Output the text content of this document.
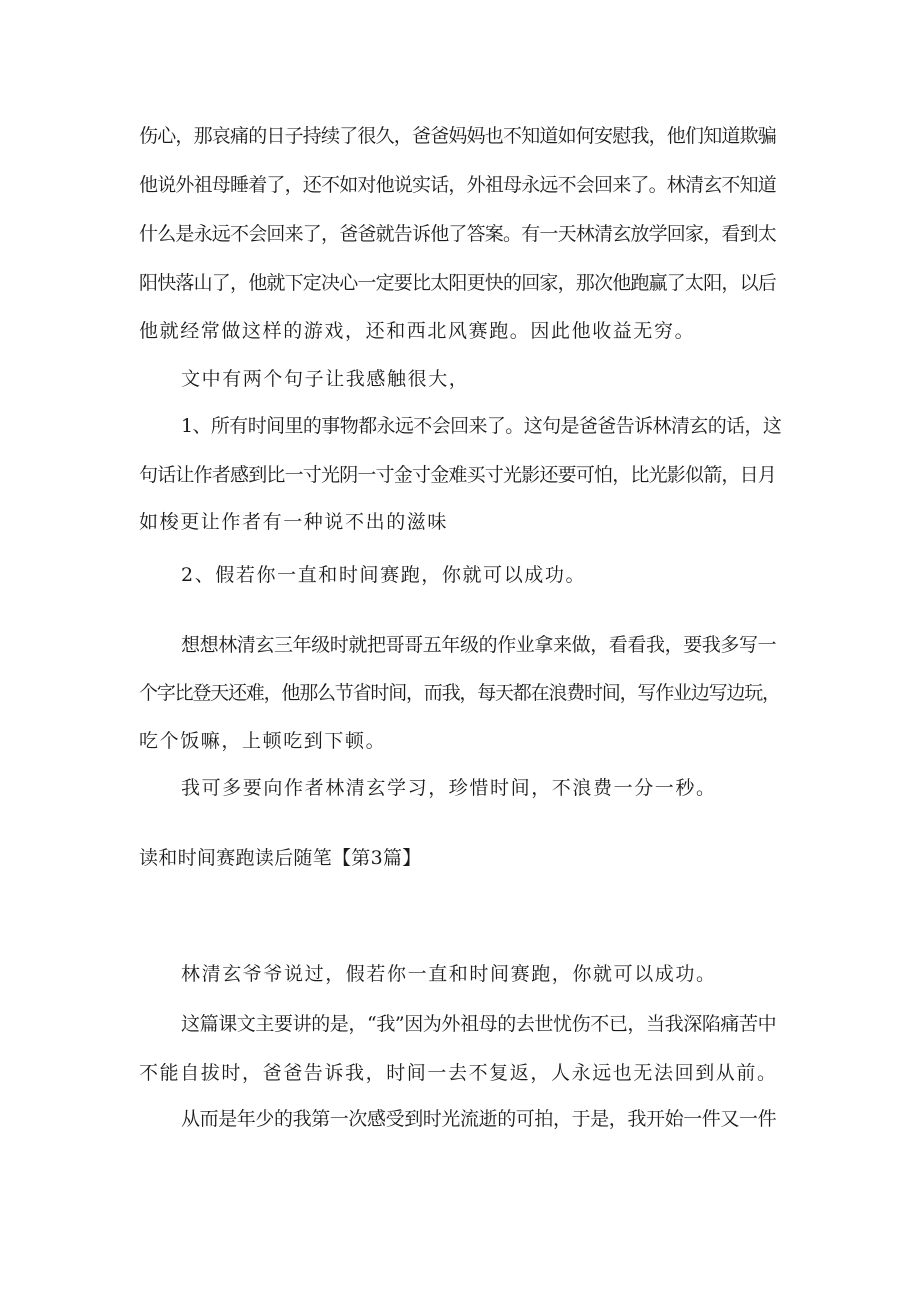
伤心，那哀痛的日子持续了很久，爸爸妈妈也不知道如何安慰我，他们知道欺骗
他说外祖母睡着了，还不如对他说实话，外祖母永远不会回来了。林清玄不知道
什么是永远不会回来了，爸爸就告诉他了答案。有一天林清玄放学回家，看到太
阳快落山了，他就下定决心一定要比太阳更快的回家，那次他跑赢了太阳，以后
他就经常做这样的游戏，还和西北风赛跑。因此他收益无穷。
文中有两个句子让我感触很大，
1、所有时间里的事物都永远不会回来了。这句是爸爸告诉林清玄的话，这
句话让作者感到比一寸光阴一寸金寸金难买寸光影还要可怕，比光影似箭，日月
如梭更让作者有一种说不出的滋味
2、假若你一直和时间赛跑，你就可以成功。
想想林清玄三年级时就把哥哥五年级的作业拿来做，看看我，要我多写一
个字比登天还难，他那么节省时间，而我，每天都在浪费时间，写作业边写边玩，
吃个饭嘛，上顿吃到下顿。
我可多要向作者林清玄学习，珍惜时间，不浪费一分一秒。
读和时间赛跑读后随笔【第3篇】
林清玄爷爷说过，假若你一直和时间赛跑，你就可以成功。
这篇课文主要讲的是，“我”因为外祖母的去世忧伤不已，当我深陷痛苦中
不能自拔时，爸爸告诉我，时间一去不复返，人永远也无法回到从前。
从而是年少的我第一次感受到时光流逝的可拍，于是，我开始一件又一件
